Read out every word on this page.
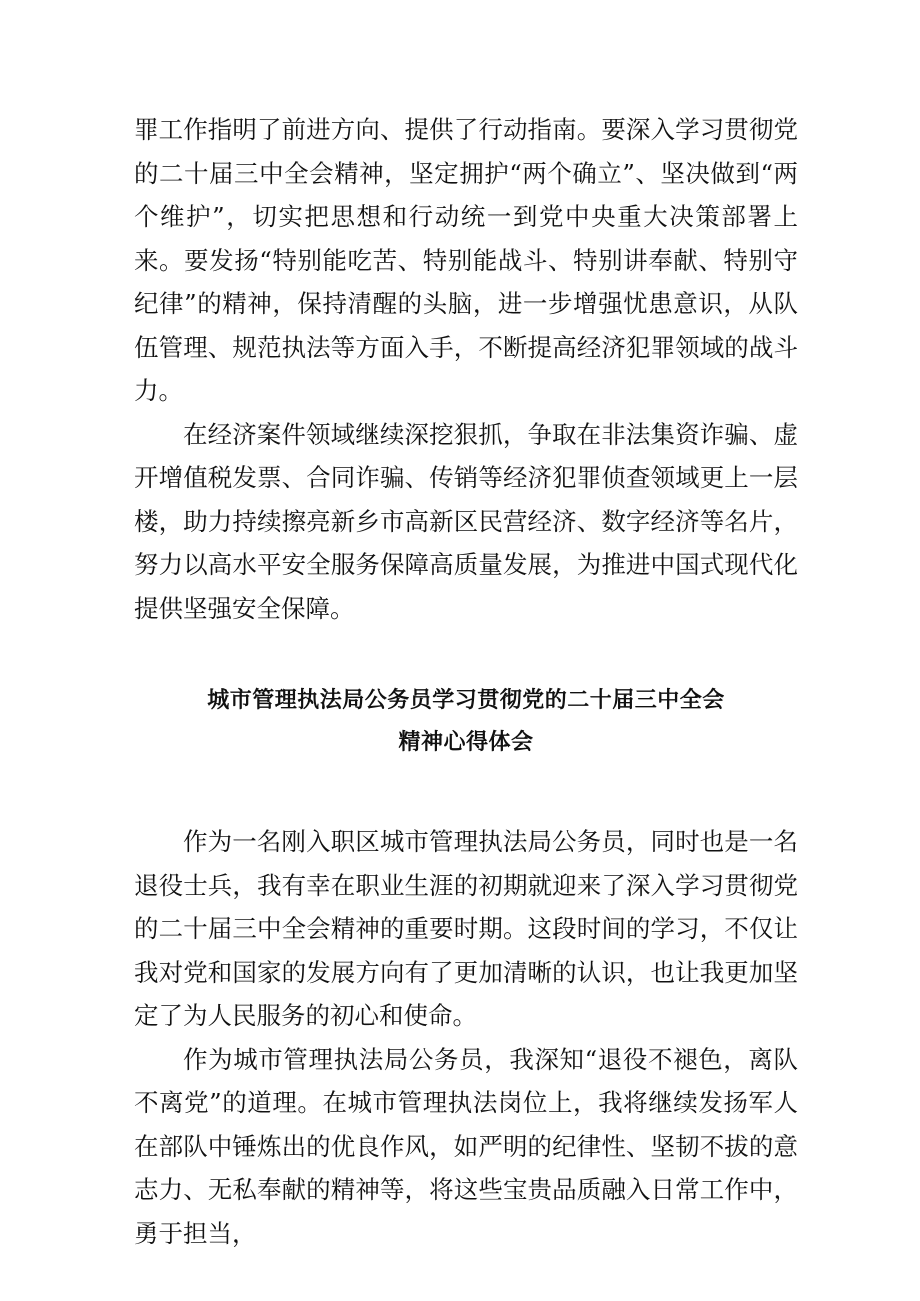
罪工作指明了前进方向、提供了行动指南。要深入学习贯彻党的二十届三中全会精神，坚定拥护“两个确立”、坚决做到“两个维护”，切实把思想和行动统一到党中央重大决策部署上来。要发扬“特别能吃苦、特别能战斗、特别讲奉献、特别守纪律”的精神，保持清醒的头脑，进一步增强忧患意识，从队伍管理、规范执法等方面入手，不断提高经济犯罪领域的战斗力。

在经济案件领域继续深挖狠抓，争取在非法集资诈骗、虚开增值税发票、合同诈骗、传销等经济犯罪侦查领域更上一层楼，助力持续擦亮新乡市高新区民营经济、数字经济等名片，努力以高水平安全服务保障高质量发展，为推进中国式现代化提供坚强安全保障。

城市管理执法局公务员学习贯彻党的二十届三中全会
精神心得体会

作为一名刚入职区城市管理执法局公务员，同时也是一名退役士兵，我有幸在职业生涯的初期就迎来了深入学习贯彻党的二十届三中全会精神的重要时期。这段时间的学习，不仅让我对党和国家的发展方向有了更加清晰的认识，也让我更加坚定了为人民服务的初心和使命。

作为城市管理执法局公务员，我深知“退役不褪色，离队不离党”的道理。在城市管理执法岗位上，我将继续发扬军人在部队中锤炼出的优良作风，如严明的纪律性、坚韧不拔的意志力、无私奉献的精神等，将这些宝贵品质融入日常工作中，勇于担当，
